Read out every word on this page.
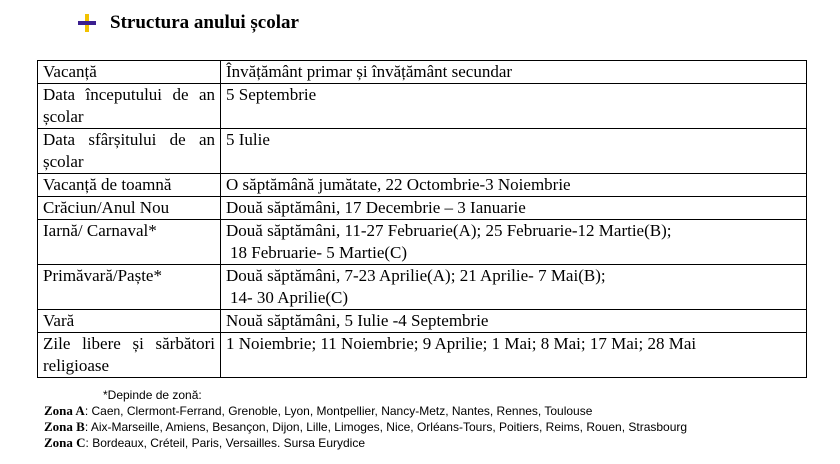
Structura anului școlar
Vacanță	Învățământ primar și învățământ secundar

Data începutului de an școlar	5 Septembrie

Data sfârșitului de an școlar	5 Iulie

Vacanță de toamnă	O săptămână jumătate, 22 Octombrie-3 Noiembrie

Crăciun/Anul Nou	Două săptămâni, 17 Decembrie – 3 Ianuarie

Iarnă/ Carnaval*	Două săptămâni, 11-27 Februarie(A); 25 Februarie-12 Martie(B);
18 Februarie- 5 Martie(C)

Primăvară/Paște*	Două săptămâni, 7-23 Aprilie(A); 21 Aprilie- 7 Mai(B);
14- 30 Aprilie(C)

Vară	Nouă săptămâni, 5 Iulie -4 Septembrie

Zile libere și sărbători religioase	1 Noiembrie; 11 Noiembrie; 9 Aprilie; 1 Mai; 8 Mai; 17 Mai; 28 Mai
*Depinde de zonă:
Zona A: Caen, Clermont-Ferrand, Grenoble, Lyon, Montpellier, Nancy-Metz, Nantes, Rennes, Toulouse
Zona B: Aix-Marseille, Amiens, Besançon, Dijon, Lille, Limoges, Nice, Orléans-Tours, Poitiers, Reims, Rouen, Strasbourg
Zona C: Bordeaux, Créteil, Paris, Versailles. Sursa Eurydice
